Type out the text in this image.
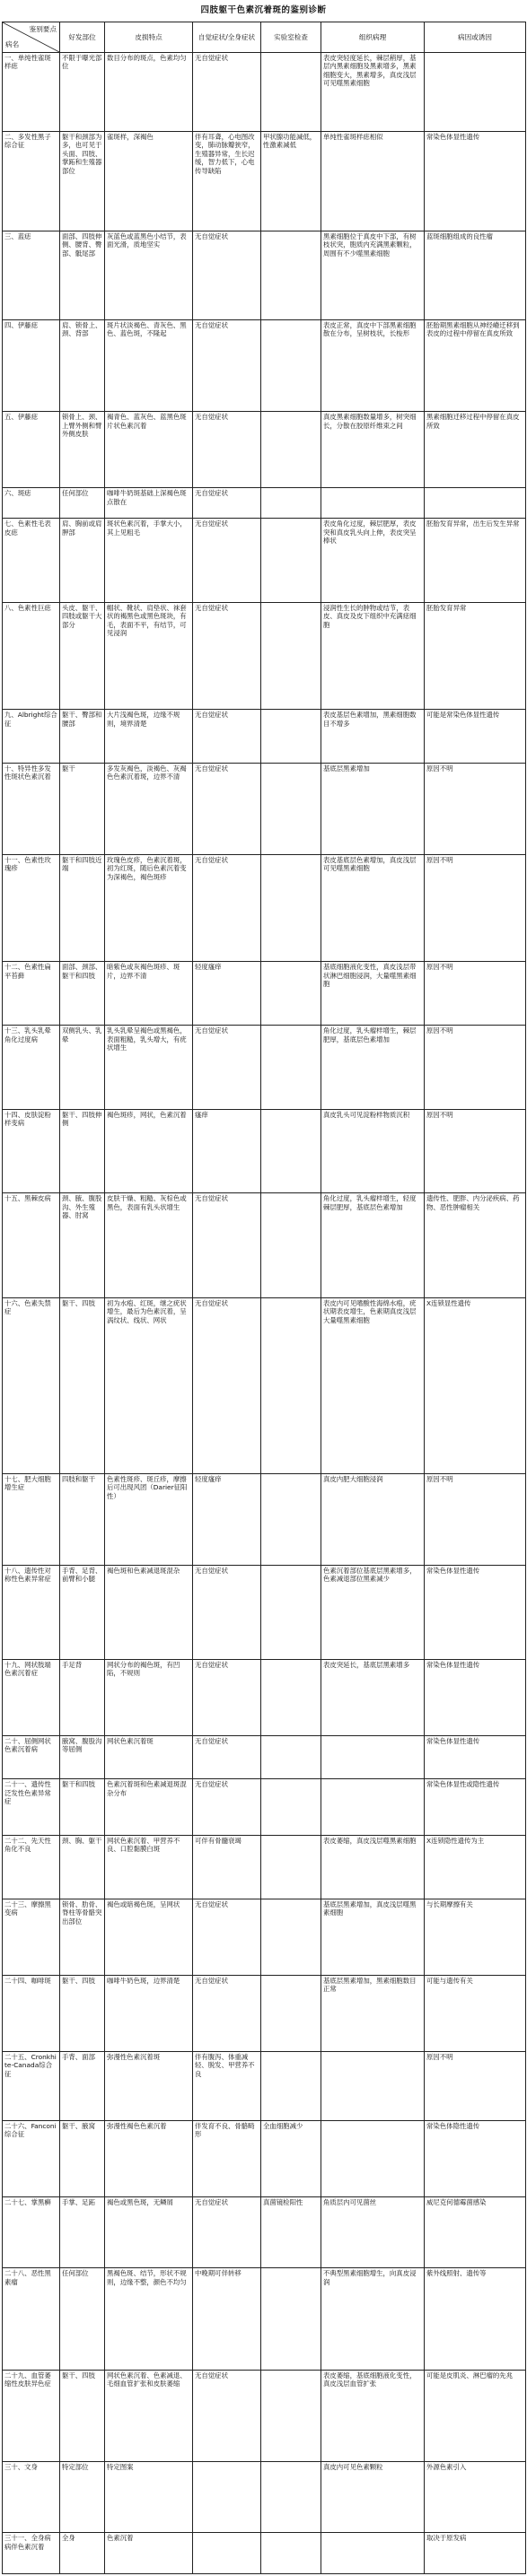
四肢躯干色素沉着斑的鉴别诊断
鉴别要点
病名	好发部位	皮损特点	自觉症状/全身症状	实验室检查	组织病理	病因或诱因
一、单纯性雀斑样痣	不限于曝光部位	数目分布的斑点，色素均匀	无自觉症状		表皮突轻度延长，棘层稍厚，基层内黑素细胞及黑素增多，黑素细胞变大，黑素增多，真皮浅层可见噬黑素细胞	
二、多发性黑子综合征	躯干和颈部为多，也可见于头面、四肢、掌跖和生殖器部位	雀斑样，深褐色	伴有耳聋，心电图改变，肺动脉瓣狭窄，生殖器异常，生长迟缓，智力低下，心电传导缺陷	甲状腺功能减低，性激素减低	单纯性雀斑样痣相似	常染色体显性遗传
三、蓝痣	面部、四肢伸侧、腰背、臀部、骶尾部	灰蓝色或蓝黑色小结节，表面光滑，质地坚实	无自觉症状		黑素细胞位于真皮中下部，有树枝状突，胞质内充满黑素颗粒，周围有不少噬黑素细胞	蓝斑细胞组成的良性瘤
四、伊藤痣	肩、锁骨上、颈、背部	斑片状淡褐色、青灰色、黑色、蓝色斑，不隆起	无自觉症状		表皮正常，真皮中下部黑素细胞散在分布，呈树枝状，长梭形	胚胎期黑素细胞从神经嵴迁移到表皮的过程中停留在真皮所致
五、伊藤痣	锁骨上、颈、上臂外侧和臂外侧皮肤	褐青色、蓝灰色、蓝黑色斑片状色素沉着	无自觉症状		真皮黑素细胞数量增多，树突细长，分散在胶原纤维束之间	黑素细胞迁移过程中停留在真皮所致
六、斑痣	任何部位	咖啡牛奶斑基础上深褐色斑点散在	无自觉症状			
七、色素性毛表皮痣	肩、胸前或肩胛部	斑状色素沉着，手掌大小，其上见粗毛	无自觉症状		表皮角化过度，棘层肥厚，表皮突和真皮乳头向上伸，表皮突呈棒状	胚胎发育异常，出生后发生异常
八、色素性巨痣	头皮、躯干、四肢或躯干大部分	帽状、靴状、肩垫状、袜套状的褐黑色或黑色斑块，有毛，表面不平，有结节，可见浸润	无自觉症状		浸润性生长的肿物或结节，表皮、真皮及皮下组织中充满痣细胞	胚胎发育异常
九、Albright综合征	躯干、臀部和腰部	大片浅褐色斑，边缘不规则，境界清楚	无自觉症状		表皮基层色素增加，黑素细胞数目不增多	可能是常染色体显性遗传
十、特异性多发性斑状色素沉着	躯干	多发灰褐色，淡褐色、灰褐色色素沉着斑，边界不清	无自觉症状		基底层黑素增加	原因不明
十一、色素性玫瑰疹	躯干和四肢近端	玫瑰色皮疹，色素沉着斑，初为红斑，随后色素沉着变为深褐色，褐色斑疹	无自觉症状		表皮基底层色素增加，真皮浅层可见噬黑素细胞	原因不明
十二、色素性扁平苔藓	面部、颈部、躯干和四肢	暗紫色或灰褐色斑疹、斑片，边界不清	轻度瘙痒		基底细胞液化变性，真皮浅层带状淋巴细胞浸润，大量噬黑素细胞	原因不明
十三、乳头乳晕角化过度病	双侧乳头、乳晕	乳头乳晕呈褐色或黑褐色，表面粗糙，乳头增大，有疣状增生	无自觉症状		角化过度，乳头瘤样增生，棘层肥厚，基底层色素增加	原因不明
十四、皮肤淀粉样变病	躯干、四肢伸侧	褐色斑疹，网状，色素沉着	瘙痒		真皮乳头可见淀粉样物质沉积	原因不明
十五、黑棘皮病	颈、腋、腹股沟、外生殖器、肘窝	皮肤干燥、粗糙、灰棕色或黑色，表面有乳头状增生	无自觉症状		角化过度，乳头瘤样增生，轻度棘层肥厚，基底层色素增加	遗传性、肥胖、内分泌疾病、药物、恶性肿瘤相关
十六、色素失禁症	躯干、四肢	初为水疱、红斑，继之疣状增生，最后为色素沉着，呈涡纹状、线状、网状	无自觉症状		表皮内可见嗜酸性海绵水疱，疣状期表皮增生，色素期真皮浅层大量噬黑素细胞	X连锁显性遗传
十七、肥大细胞增生症	四肢和躯干	色素性斑疹、斑丘疹，摩擦后可出现风团（Darier征阳性）	轻度瘙痒		真皮内肥大细胞浸润	原因不明
十八、遗传性对称性色素异常症	手背、足背、前臂和小腿	褐色斑和色素减退斑混杂	无自觉症状		色素沉着部位基底层黑素增多，色素减退部位黑素减少	常染色体显性遗传
十九、网状肢端色素沉着症	手足背	网状分布的褐色斑，有凹陷，不规则	无自觉症状		表皮突延长，基底层黑素增多	常染色体显性遗传
二十、屈侧网状色素沉着病	腋窝、腹股沟等屈侧	网状色素沉着斑	无自觉症状			常染色体显性遗传
二十一、遗传性泛发性色素异常症	躯干和四肢	色素沉着斑和色素减退斑混杂分布	无自觉症状			常染色体显性或隐性遗传
二十二、先天性角化不良	颈、胸、躯干	网状色素沉着、甲营养不良、口腔黏膜白斑	可伴有骨髓衰竭		表皮萎缩，真皮浅层噬黑素细胞	X连锁隐性遗传为主
二十三、摩擦黑变病	锁骨、肋骨、脊柱等骨骼突出部位	褐色或暗褐色斑，呈网状	无自觉症状		基底层黑素增加，真皮浅层噬黑素细胞	与长期摩擦有关
二十四、咖啡斑	躯干、四肢	咖啡牛奶色斑，边界清楚	无自觉症状		基底层黑素增加，黑素细胞数目正常	可能与遗传有关
二十五、Cronkhite-Canada综合征	手背、面部	弥漫性色素沉着斑	伴有腹泻、体重减轻、脱发、甲营养不良			原因不明
二十六、Fanconi综合征	躯干、腋窝	弥漫性褐色色素沉着	伴发育不良、骨骼畸形	全血细胞减少		常染色体隐性遗传
二十七、掌黑癣	手掌、足跖	褐色或黑色斑，无鳞屑	无自觉症状	真菌镜检阳性	角质层内可见菌丝	威尼克何德霉菌感染
二十八、恶性黑素瘤	任何部位	黑褐色斑、结节，形状不规则，边缘不整，颜色不均匀	中晚期可伴转移		不典型黑素细胞增生，向真皮浸润	紫外线照射、遗传等
二十九、血管萎缩性皮肤异色症	躯干、四肢	网状色素沉着、色素减退、毛细血管扩张和皮肤萎缩	无自觉症状		表皮萎缩，基底细胞液化变性，真皮浅层血管扩张	可能是皮肌炎、淋巴瘤的先兆
三十、文身	特定部位	特定图案			真皮内可见色素颗粒	外源色素引入
三十一、全身病病伴色素沉着	全身	色素沉着				取决于原发病
